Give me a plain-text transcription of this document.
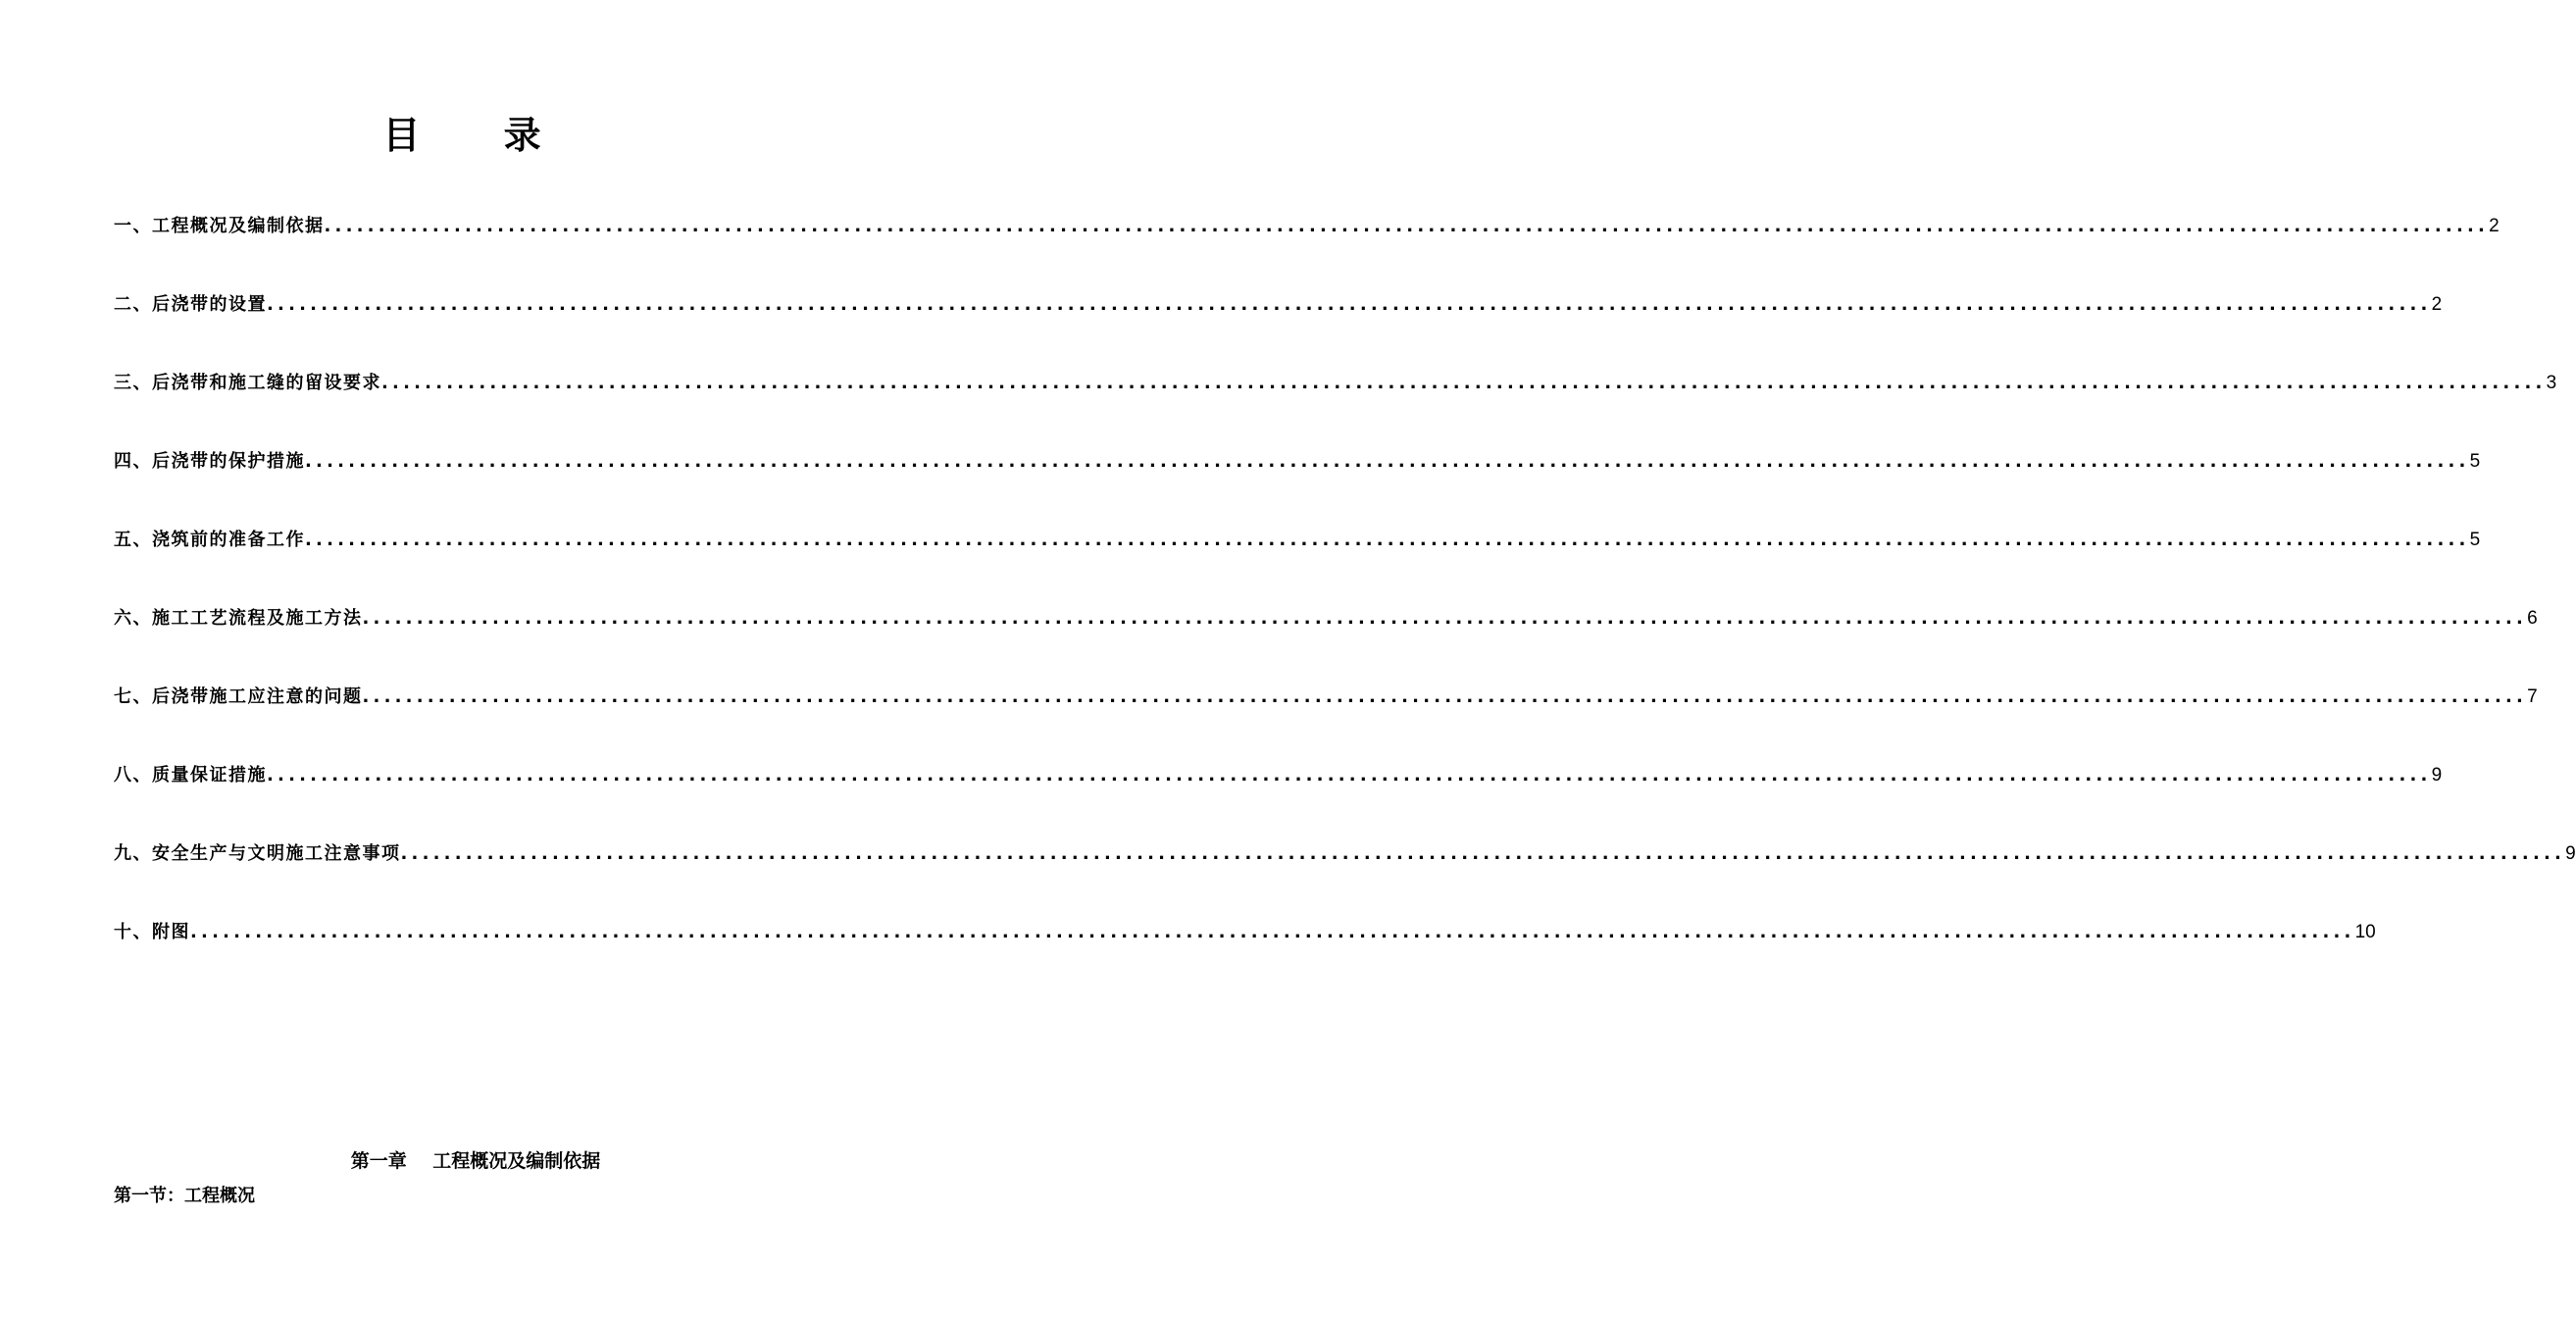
目 录
一、工程概况及编制依据 ........................................................................................................................................................................................................ 2
二、后浇带的设置 ........................................................................................................................................................................................................ 2
三、后浇带和施工缝的留设要求 ........................................................................................................................................................................................................ 3
四、后浇带的保护措施 ........................................................................................................................................................................................................ 5
五、浇筑前的准备工作 ........................................................................................................................................................................................................ 5
六、施工工艺流程及施工方法 ........................................................................................................................................................................................................ 6
七、后浇带施工应注意的问题 ........................................................................................................................................................................................................ 7
八、质量保证措施 ........................................................................................................................................................................................................ 9
九、安全生产与文明施工注意事项 ........................................................................................................................................................................................................ 9
十、附图 ........................................................................................................................................................................................................ 10
第一章    工程概况及编制依据
第一节：工程概况
